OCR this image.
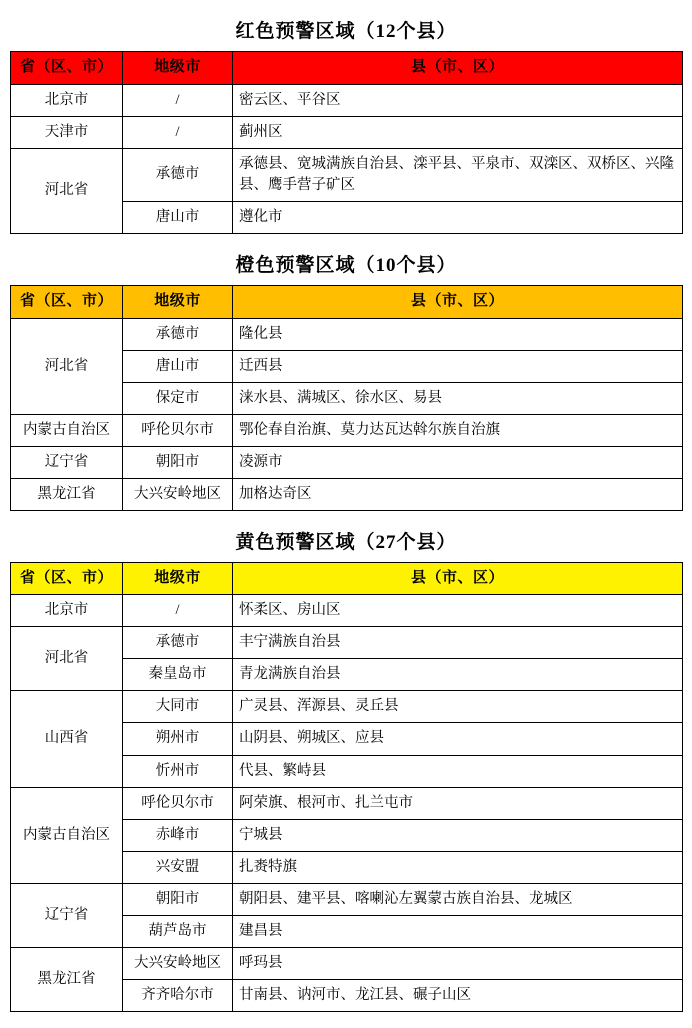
红色预警区域（12个县）
省（区、市）	地级市	县（市、区）
北京市	/	密云区、平谷区
天津市	/	蓟州区
河北省	承德市	承德县、宽城满族自治县、滦平县、平泉市、双滦区、双桥区、兴隆县、鹰手营子矿区
	唐山市	遵化市
橙色预警区域（10个县）
省（区、市）	地级市	县（市、区）
河北省	承德市	隆化县
	唐山市	迁西县
	保定市	涞水县、满城区、徐水区、易县
内蒙古自治区	呼伦贝尔市	鄂伦春自治旗、莫力达瓦达斡尔族自治旗
辽宁省	朝阳市	凌源市
黑龙江省	大兴安岭地区	加格达奇区
黄色预警区域（27个县）
省（区、市）	地级市	县（市、区）
北京市	/	怀柔区、房山区
河北省	承德市	丰宁满族自治县
	秦皇岛市	青龙满族自治县
山西省	大同市	广灵县、浑源县、灵丘县
	朔州市	山阴县、朔城区、应县
	忻州市	代县、繁峙县
内蒙古自治区	呼伦贝尔市	阿荣旗、根河市、扎兰屯市
	赤峰市	宁城县
	兴安盟	扎赉特旗
辽宁省	朝阳市	朝阳县、建平县、喀喇沁左翼蒙古族自治县、龙城区
	葫芦岛市	建昌县
黑龙江省	大兴安岭地区	呼玛县
	齐齐哈尔市	甘南县、讷河市、龙江县、碾子山区
